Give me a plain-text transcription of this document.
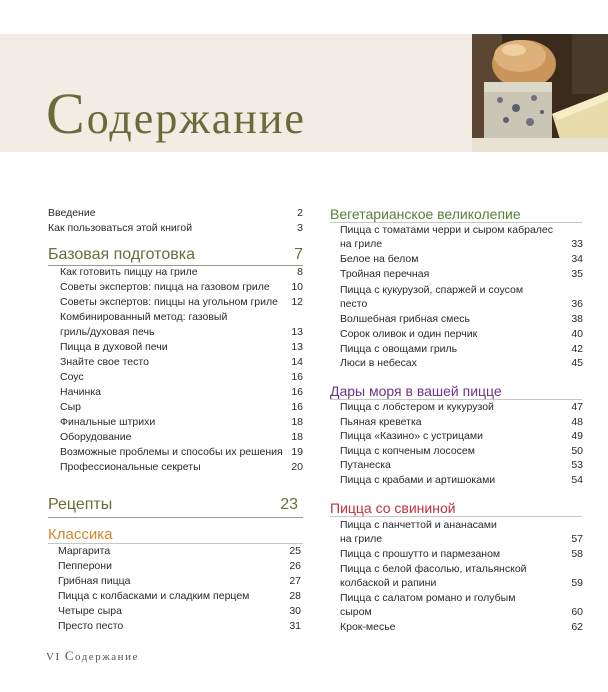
Содержание
Введение	2
Как пользоваться этой книгой	3
Базовая подготовка	7
Как готовить пиццу на гриле	8
Советы экспертов: пицца на газовом гриле 10
Советы экспертов: пиццы на угольном гриле 12
Комбинированный метод: газовый
гриль/духовая печь	13
Пицца в духовой печи	13
Знайте свое тесто	14
Соус	16
Начинка	16
Сыр	16
Финальные штрихи	18
Оборудование	18
Возможные проблемы и способы их решения 19
Профессиональные секреты	20
Рецепты	23
Классика
Маргарита	25
Пепперони	26
Грибная пицца	27
Пицца с колбасками и сладким перцем	28
Четыре сыра	30
Престо песто	31
Вегетарианское великолепие
Пицца с томатами черри и сыром кабралес
на гриле	33
Белое на белом	34
Тройная перечная	35
Пицца с кукурузой, спаржей и соусом
песто	36
Волшебная грибная смесь	38
Сорок оливок и один перчик	40
Пицца с овощами гриль	42
Люси в небесах	45
Дары моря в вашей пицце
Пицца с лобстером и кукурузой	47
Пьяная креветка	48
Пицца «Казино» с устрицами	49
Пицца с копченым лососем	50
Путанеска	53
Пицца с крабами и артишоками	54
Пицца со свининой
Пицца с панчеттой и ананасами
на гриле	57
Пицца с прошутто и пармезаном	58
Пицца с белой фасолью, итальянской
колбаской и рапини	59
Пицца с салатом романо и голубым
сыром	60
Крок-месье	62
VI Содержание
